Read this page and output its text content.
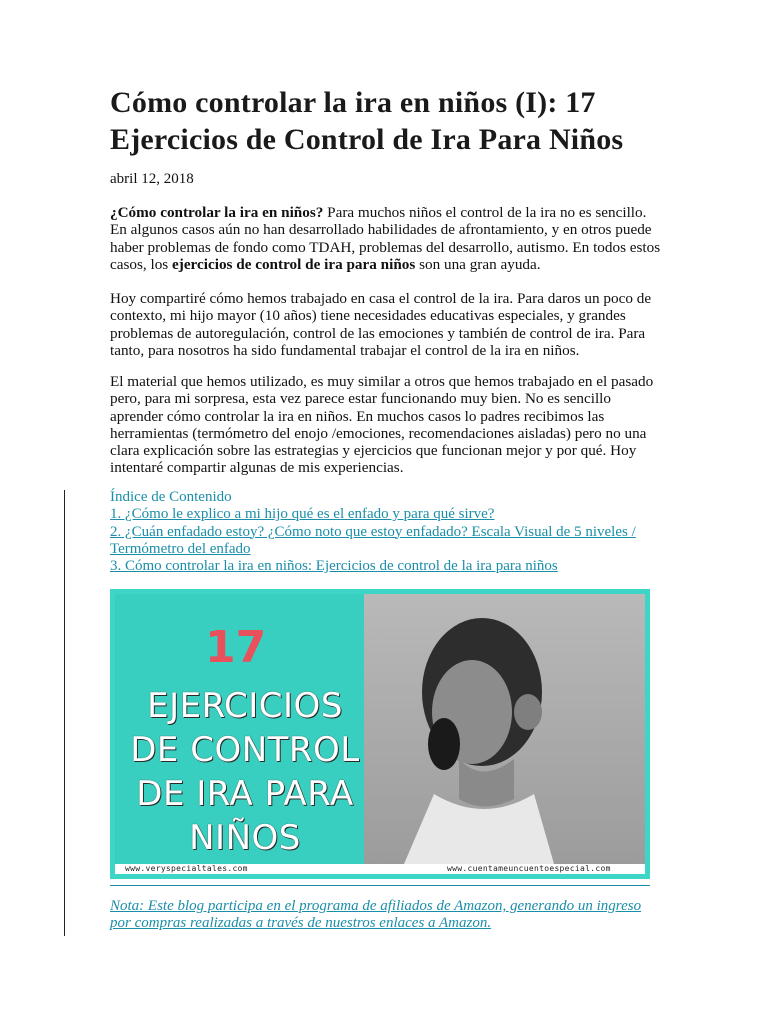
Cómo controlar la ira en niños (I): 17 Ejercicios de Control de Ira Para Niños
abril 12, 2018

¿Cómo controlar la ira en niños? Para muchos niños el control de la ira no es sencillo. En algunos casos aún no han desarrollado habilidades de afrontamiento, y en otros puede haber problemas de fondo como TDAH, problemas del desarrollo, autismo. En todos estos casos, los ejercicios de control de ira para niños son una gran ayuda.

Hoy compartiré cómo hemos trabajado en casa el control de la ira. Para daros un poco de contexto, mi hijo mayor (10 años) tiene necesidades educativas especiales, y grandes problemas de autoregulación, control de las emociones y también de control de ira. Para tanto, para nosotros ha sido fundamental trabajar el control de la ira en niños.

El material que hemos utilizado, es muy similar a otros que hemos trabajado en el pasado pero, para mi sorpresa, esta vez parece estar funcionando muy bien. No es sencillo aprender cómo controlar la ira en niños. En muchos casos lo padres recibimos las herramientas (termómetro del enojo /emociones, recomendaciones aisladas) pero no una clara explicación sobre las estrategias y ejercicios que funcionan mejor y por qué. Hoy intentaré compartir algunas de mis experiencias.

Índice de Contenido
1. ¿Cómo le explico a mi hijo qué es el enfado y para qué sirve?
2. ¿Cuán enfadado estoy? ¿Cómo noto que estoy enfadado? Escala Visual de 5 niveles / Termómetro del enfado
3. Cómo controlar la ira en niños: Ejercicios de control de la ira para niños
17
EJERCICIOS
DE CONTROL
DE IRA PARA
NIÑOS
www.veryspecialtales.com	www.cuentameuncuentoespecial.com
Nota: Este blog participa en el programa de afiliados de Amazon, generando un ingreso por compras realizadas a través de nuestros enlaces a Amazon.
